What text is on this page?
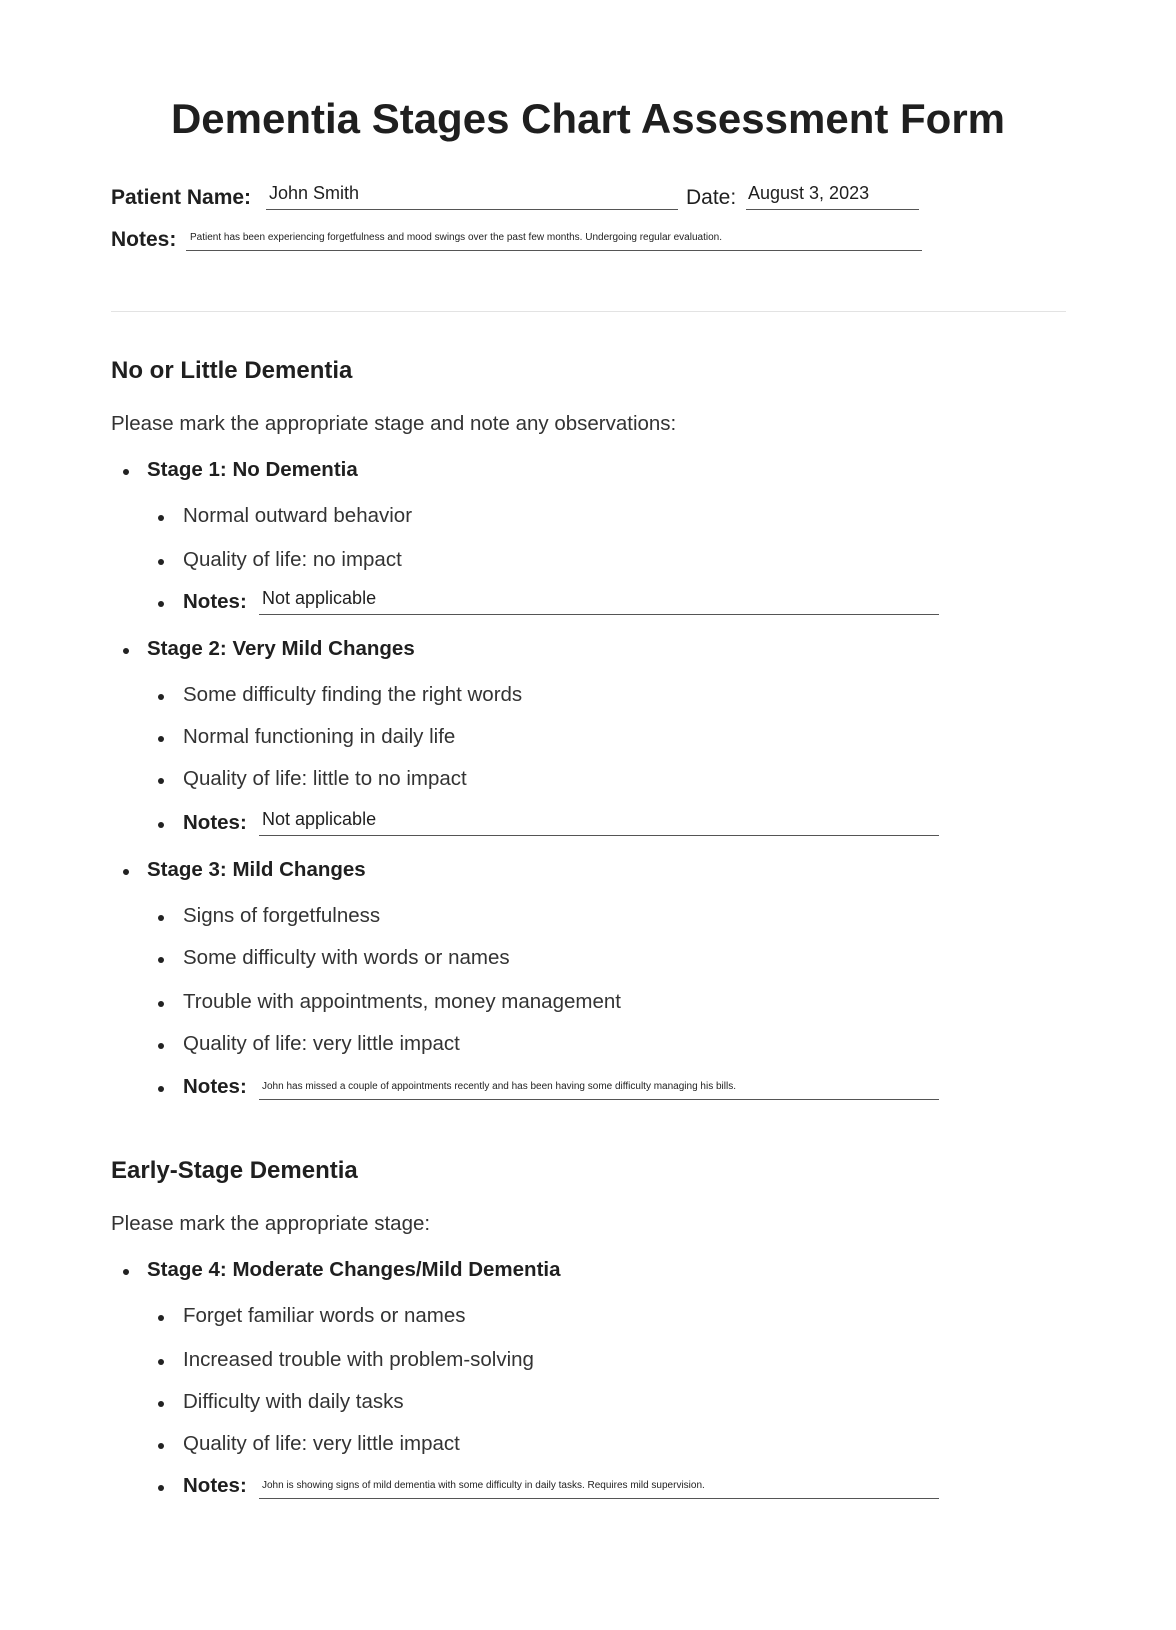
Dementia Stages Chart Assessment Form
Patient Name: John Smith	Date: August 3, 2023
Notes: Patient has been experiencing forgetfulness and mood swings over the past few months. Undergoing regular evaluation.
No or Little Dementia
Please mark the appropriate stage and note any observations:
Stage 1: No Dementia
Normal outward behavior
Quality of life: no impact
Notes: Not applicable
Stage 2: Very Mild Changes
Some difficulty finding the right words
Normal functioning in daily life
Quality of life: little to no impact
Notes: Not applicable
Stage 3: Mild Changes
Signs of forgetfulness
Some difficulty with words or names
Trouble with appointments, money management
Quality of life: very little impact
Notes: John has missed a couple of appointments recently and has been having some difficulty managing his bills.
Early-Stage Dementia
Please mark the appropriate stage:
Stage 4: Moderate Changes/Mild Dementia
Forget familiar words or names
Increased trouble with problem-solving
Difficulty with daily tasks
Quality of life: very little impact
Notes: John is showing signs of mild dementia with some difficulty in daily tasks. Requires mild supervision.
